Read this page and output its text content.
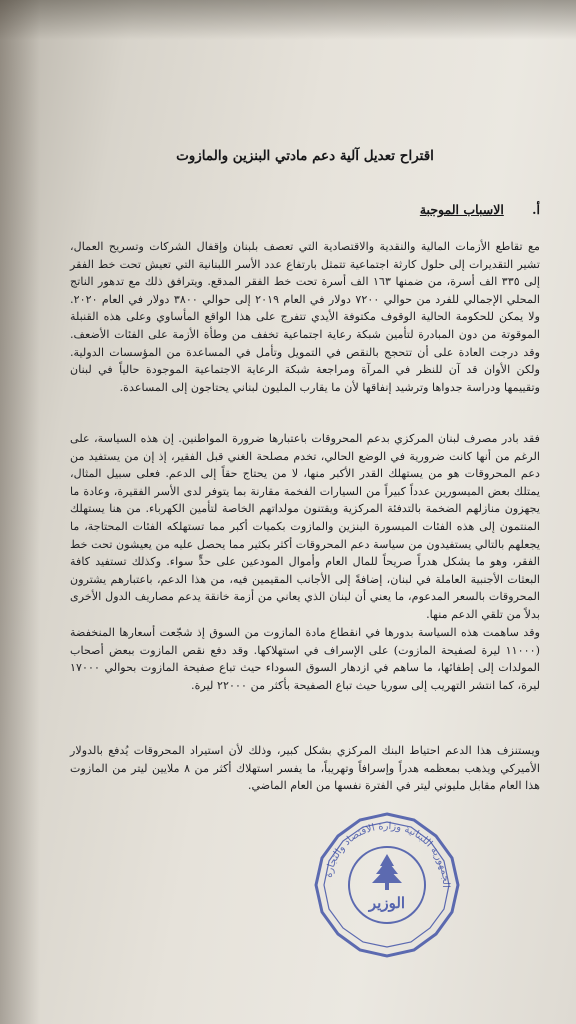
اقتراح تعديل آلية دعم مادتي البنزين والمازوت
أ. الاسباب الموجبة

مع تقاطع الأزمات المالية والنقدية والاقتصادية التي تعصف بلبنان وإقفال الشركات وتسريح العمال، تشير التقديرات إلى حلول كارثة اجتماعية تتمثل بارتفاع عدد الأسر اللبنانية التي تعيش تحت خط الفقر إلى ٣٣٥ الف أسرة، من ضمنها ١٦٣ الف أسرة تحت خط الفقر المدقع. ويترافق ذلك مع تدهور الناتج المحلي الإجمالي للفرد من حوالي ٧٢٠٠ دولار في العام ٢٠١٩ إلى حوالي ٣٨٠٠ دولار في العام ٢٠٢٠. ولا يمكن للحكومة الحالية الوقوف مكتوفة الأيدي تتفرج على هذا الواقع المأساوي وعلى هذه القنبلة الموقوتة من دون المبادرة لتأمين شبكة رعاية اجتماعية تخفف من وطأة الأزمة على الفئات الأضعف. وقد درجت العادة على أن تتحجج بالنقص في التمويل وتأمل في المساعدة من المؤسسات الدولية. ولكن الأوان قد آن للنظر في المرآة ومراجعة شبكة الرعاية الاجتماعية الموجودة حالياً في لبنان وتقييمها ودراسة جدواها وترشيد إنفاقها لأن ما يقارب المليون لبناني يحتاجون إلى المساعدة.

فقد بادر مصرف لبنان المركزي بدعم المحروقات باعتبارها ضرورة المواطنين. إن هذه السياسة، على الرغم من أنها كانت ضرورية في الوضع الحالي، تخدم مصلحة الغني قبل الفقير، إذ إن من يستفيد من دعم المحروقات هو من يستهلك القدر الأكبر منها، لا من يحتاج حقاً إلى الدعم. فعلى سبيل المثال، يمتلك بعض الميسورين عدداً كبيراً من السيارات الفخمة مقارنة بما يتوفر لدى الأسر الفقيرة، وعادة ما يجهزون منازلهم الضخمة بالتدفئة المركزية ويقتنون مولداتهم الخاصة لتأمين الكهرباء. من هنا يستهلك المنتمون إلى هذه الفئات الميسورة البنزين والمازوت بكميات أكبر مما تستهلكه الفئات المحتاجة، ما يجعلهم بالتالي يستفيدون من سياسة دعم المحروقات أكثر بكثير مما يحصل عليه من يعيشون تحت خط الفقر، وهو ما يشكل هدراً صريحاً للمال العام وأموال المودعين على حدٍّ سواء. وكذلك تستفيد كافة البعثات الأجنبية العاملة في لبنان، إضافةً إلى الأجانب المقيمين فيه، من هذا الدعم، باعتبارهم يشترون المحروقات بالسعر المدعوم، ما يعني أن لبنان الذي يعاني من أزمة خانقة يدعم مصاريف الدول الأخرى بدلاً من تلقي الدعم منها.

وقد ساهمت هذه السياسة بدورها في انقطاع مادة المازوت من السوق إذ شجّعت أسعارها المنخفضة (١١٠٠٠ ليرة لصفيحة المازوت) على الإسراف في استهلاكها. وقد دفع نقص المازوت ببعض أصحاب المولدات إلى إطفائها، ما ساهم في ازدهار السوق السوداء حيث تباع صفيحة المازوت بحوالي ١٧٠٠٠ ليرة، كما انتشر التهريب إلى سوريا حيث تباع الصفيحة بأكثر من ٢٢٠٠٠ ليرة.

ويستنزف هذا الدعم احتياط البنك المركزي بشكل كبير، وذلك لأن استيراد المحروقات يُدفع بالدولار الأميركي ويذهب بمعظمه هدراً وإسرافاً وتهريباً، ما يفسر استهلاك أكثر من ٨ ملايين ليتر من المازوت هذا العام مقابل مليوني ليتر في الفترة نفسها من العام الماضي.

الوزير
الجمهورية اللبنانية وزارة الاقتصاد والتجارة
